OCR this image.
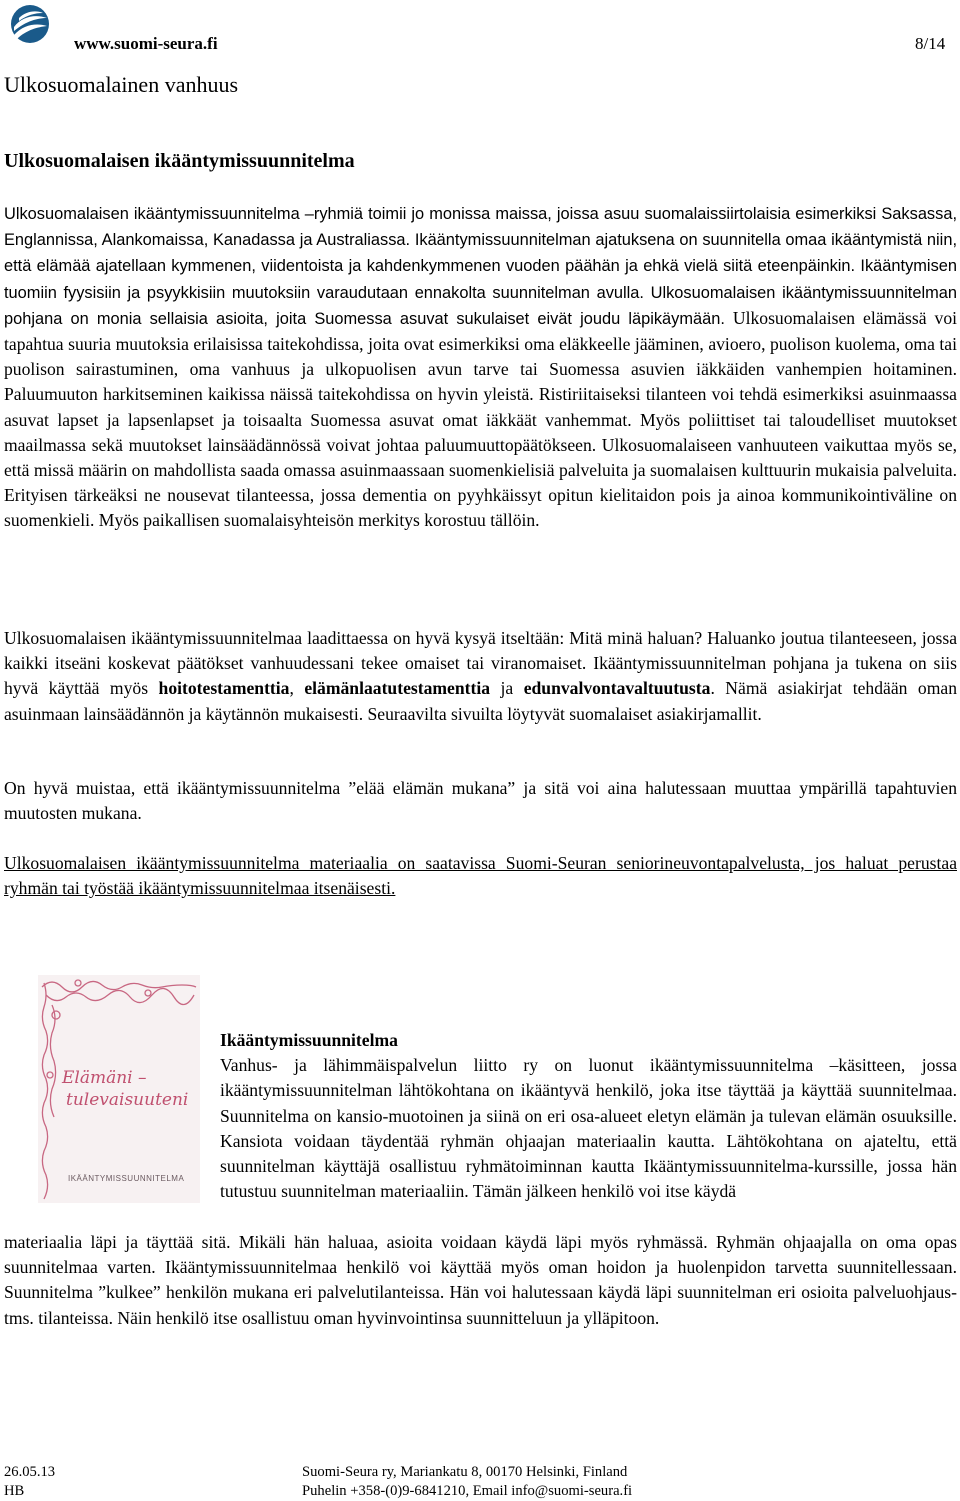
www.suomi-seura.fi	8/14
Ulkosuomalainen vanhuus
Ulkosuomalaisen ikääntymissuunnitelma

Ulkosuomalaisen ikääntymissuunnitelma –ryhmiä toimii jo monissa maissa, joissa asuu suomalaissiirtolaisia esimerkiksi Saksassa, Englannissa, Alankomaissa, Kanadassa ja Australiassa. Ikääntymissuunnitelman ajatuksena on suunnitella omaa ikääntymistä niin, että elämää ajatellaan kymmenen, viidentoista ja kahdenkymmenen vuoden päähän ja ehkä vielä siitä eteenpäinkin. Ikääntymisen tuomiin fyysisiin ja psyykkisiin muutoksiin varaudutaan ennakolta suunnitelman avulla. Ulkosuomalaisen ikääntymissuunnitelman pohjana on monia sellaisia asioita, joita Suomessa asuvat sukulaiset eivät joudu läpikäymään. Ulkosuomalaisen elämässä voi tapahtua suuria muutoksia erilaisissa taitekohdissa, joita ovat esimerkiksi oma eläkkeelle jääminen, avioero, puolison kuolema, oma tai puolison sairastuminen, oma vanhuus ja ulkopuolisen avun tarve tai Suomessa asuvien iäkkäiden vanhempien hoitaminen. Paluumuuton harkitseminen kaikissa näissä taitekohdissa on hyvin yleistä. Ristiriitaiseksi tilanteen voi tehdä esimerkiksi asuinmaassa asuvat lapset ja lapsenlapset ja toisaalta Suomessa asuvat omat iäkkäät vanhemmat. Myös poliittiset tai taloudelliset muutokset maailmassa sekä muutokset lainsäädännössä voivat johtaa paluumuuttopäätökseen. Ulkosuomalaiseen vanhuuteen vaikuttaa myös se, että missä määrin on mahdollista saada omassa asuinmaassaan suomenkielisiä palveluita ja suomalaisen kulttuurin mukaisia palveluita. Erityisen tärkeäksi ne nousevat tilanteessa, jossa dementia on pyyhkäissyt opitun kielitaidon pois ja ainoa kommunikointiväline on suomenkieli. Myös paikallisen suomalaisyhteisön merkitys korostuu tällöin.

Ulkosuomalaisen ikääntymissuunnitelmaa laadittaessa on hyvä kysyä itseltään: Mitä minä haluan? Haluanko joutua tilanteeseen, jossa kaikki itseäni koskevat päätökset vanhuudessani tekee omaiset tai viranomaiset. Ikääntymissuunnitelman pohjana ja tukena on siis hyvä käyttää myös hoitotestamenttia, elämänlaatutestamenttia ja edunvalvontavaltuutusta. Nämä asiakirjat tehdään oman asuinmaan lainsäädännön ja käytännön mukaisesti. Seuraavilta sivuilta löytyvät suomalaiset asiakirjamallit.

On hyvä muistaa, että ikääntymissuunnitelma ”elää elämän mukana” ja sitä voi aina halutessaan muuttaa ympärillä tapahtuvien muutosten mukana.

Ulkosuomalaisen ikääntymissuunnitelma materiaalia on saatavissa Suomi-Seuran seniorineuvontapalvelusta, jos haluat perustaa ryhmän tai työstää ikääntymissuunnitelmaa itsenäisesti.

Elämäni –
tulevaisuuteni
IKÄÄNTYMISSUUNNITELMA
Ikääntymissuunnitelma

Vanhus- ja lähimmäispalvelun liitto ry on luonut ikääntymissuunnitelma –käsitteen, jossa ikääntymissuunnitelman lähtökohtana on ikääntyvä henkilö, joka itse täyttää ja käyttää suunnitelmaa. Suunnitelma on kansio-muotoinen ja siinä on eri osa-alueet eletyn elämän ja tulevan elämän osuuksille. Kansiota voidaan täydentää ryhmän ohjaajan materiaalin kautta. Lähtökohtana on ajateltu, että suunnitelman käyttäjä osallistuu ryhmätoiminnan kautta Ikääntymissuunnitelma-kurssille, jossa hän tutustuu suunnitelman materiaaliin. Tämän jälkeen henkilö voi itse käydä

materiaalia läpi ja täyttää sitä. Mikäli hän haluaa, asioita voidaan käydä läpi myös ryhmässä. Ryhmän ohjaajalla on oma opas suunnitelmaa varten. Ikääntymissuunnitelmaa henkilö voi käyttää myös oman hoidon ja huolenpidon tarvetta suunnitellessaan. Suunnitelma ”kulkee” henkilön mukana eri palvelutilanteissa. Hän voi halutessaan käydä läpi suunnitelman eri osioita palveluohjaus- tms. tilanteissa. Näin henkilö itse osallistuu oman hyvinvointinsa suunnitteluun ja ylläpitoon.

26.05.13
HB
Suomi-Seura ry, Mariankatu 8, 00170 Helsinki, Finland
Puhelin +358-(0)9-6841210, Email info@suomi-seura.fi
